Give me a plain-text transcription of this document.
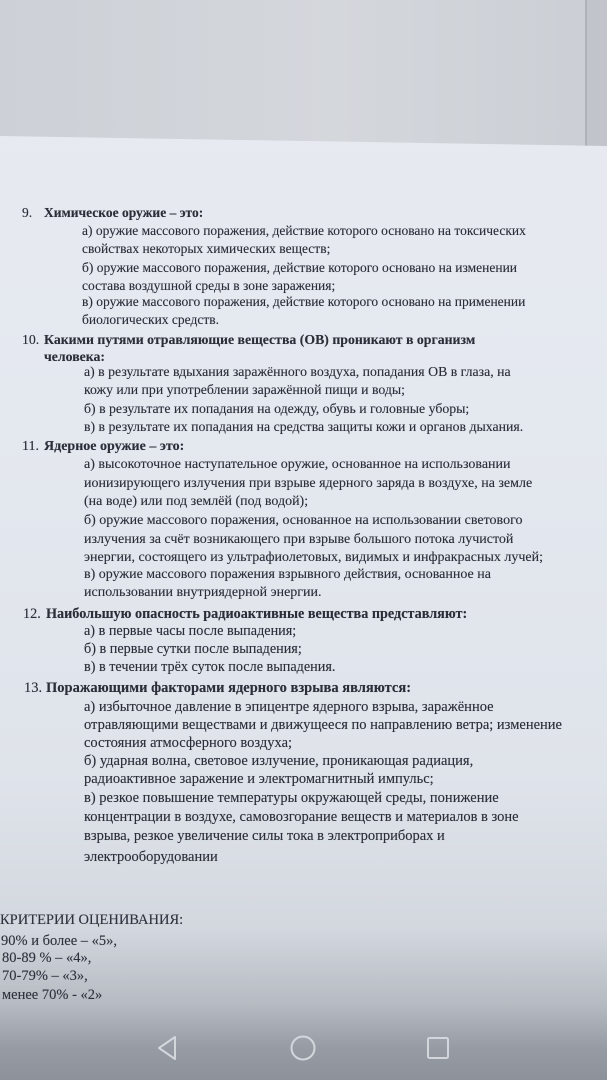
9. Химическое оружие – это:
а) оружие массового поражения, действие которого основано на токсических
свойствах некоторых химических веществ;
б) оружие массового поражения, действие которого основано на изменении
состава воздушной среды в зоне заражения;
в) оружие массового поражения, действие которого основано на применении
биологических средств.
10. Какими путями отравляющие вещества (ОВ) проникают в организм
человека:
а) в результате вдыхания заражённого воздуха, попадания ОВ в глаза, на
кожу или при употреблении заражённой пищи и воды;
б) в результате их попадания на одежду, обувь и головные уборы;
в) в результате их попадания на средства защиты кожи и органов дыхания.
11. Ядерное оружие – это:
а) высокоточное наступательное оружие, основанное на использовании
ионизирующего излучения при взрыве ядерного заряда в воздухе, на земле
(на воде) или под землёй (под водой);
б) оружие массового поражения, основанное на использовании светового
излучения за счёт возникающего при взрыве большого потока лучистой
энергии, состоящего из ультрафиолетовых, видимых и инфракрасных лучей;
в) оружие массового поражения взрывного действия, основанное на
использовании внутриядерной энергии.
12. Наибольшую опасность радиоактивные вещества представляют:
а) в первые часы после выпадения;
б) в первые сутки после выпадения;
в) в течении трёх суток после выпадения.
13. Поражающими факторами ядерного взрыва являются:
а) избыточное давление в эпицентре ядерного взрыва, заражённое
отравляющими веществами и движущееся по направлению ветра; изменение
состояния атмосферного воздуха;
б) ударная волна, световое излучение, проникающая радиация,
радиоактивное заражение и электромагнитный импульс;
в) резкое повышение температуры окружающей среды, понижение
концентрации в воздухе, самовозгорание веществ и материалов в зоне
взрыва, резкое увеличение силы тока в электроприборах и
электрооборудовании
КРИТЕРИИ ОЦЕНИВАНИЯ:
90% и более – «5»,
80-89 % – «4»,
70-79% – «3»,
менее 70% - «2»
